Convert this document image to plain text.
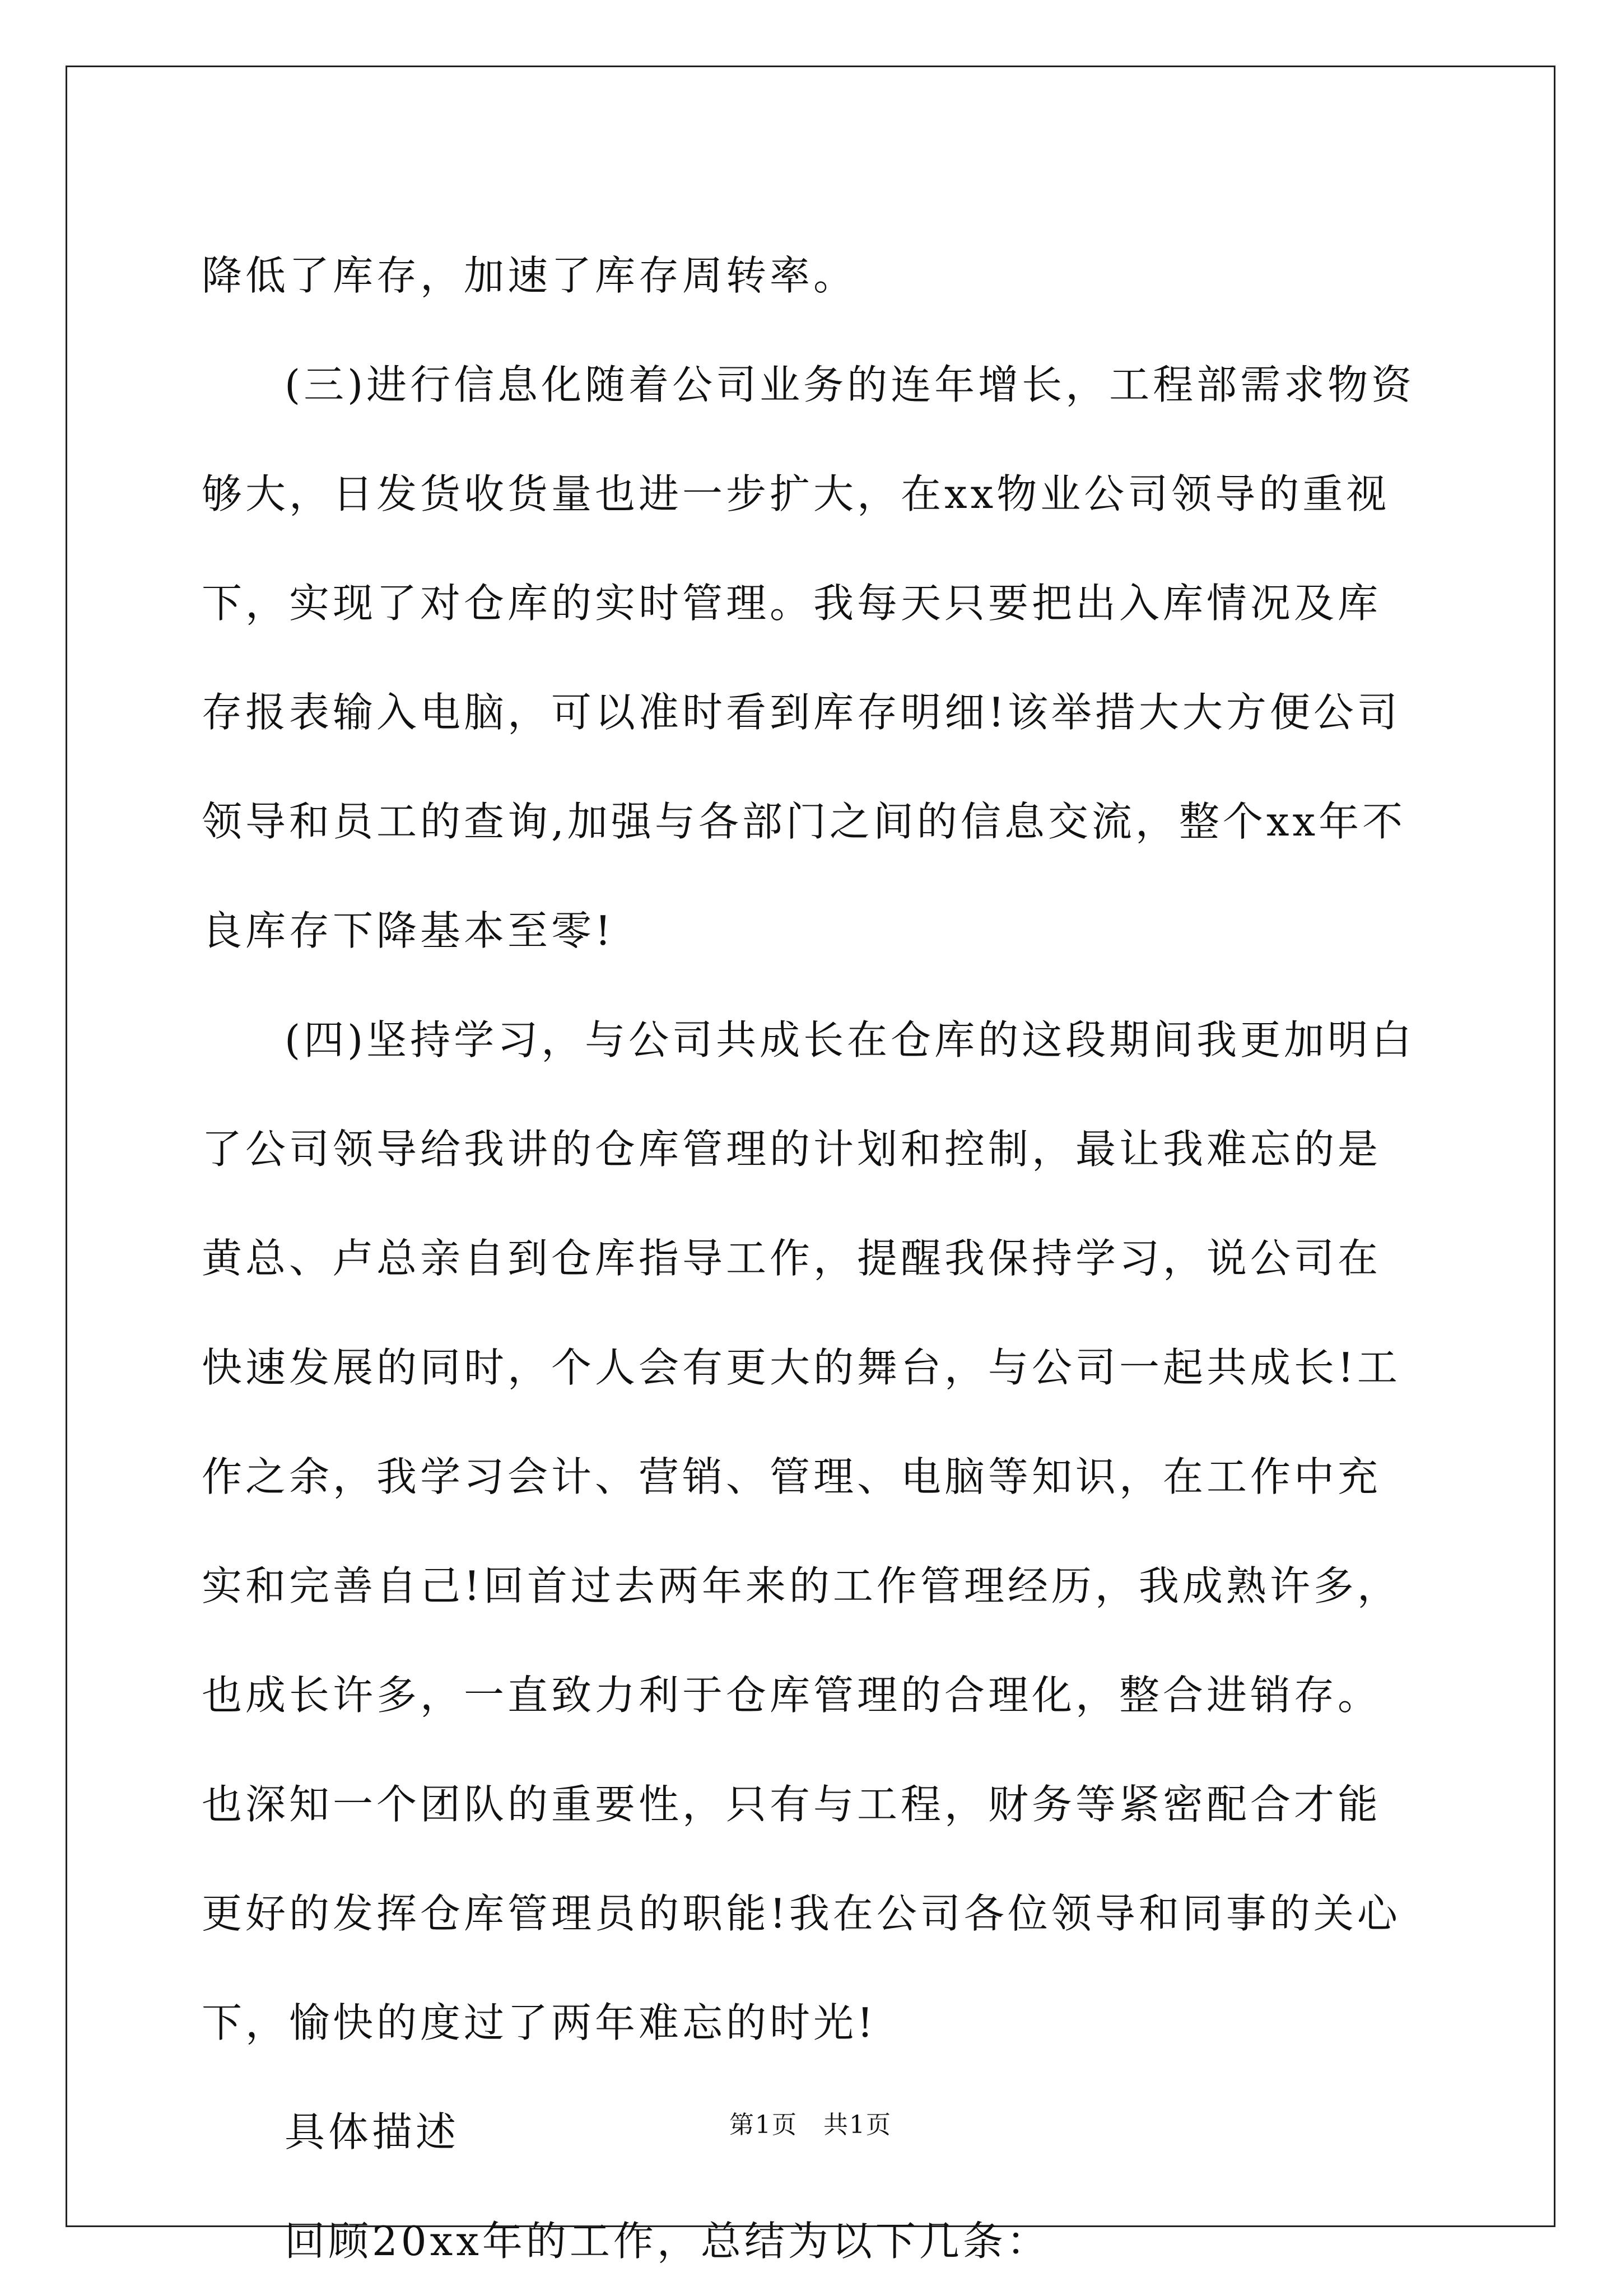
降低了库存，加速了库存周转率。

(三)进行信息化随着公司业务的连年增长，工程部需求物资够大，日发货收货量也进一步扩大，在xx物业公司领导的重视下，实现了对仓库的实时管理。我每天只要把出入库情况及库存报表输入电脑，可以准时看到库存明细!该举措大大方便公司领导和员工的查询,加强与各部门之间的信息交流，整个xx年不良库存下降基本至零!

(四)坚持学习，与公司共成长在仓库的这段期间我更加明白了公司领导给我讲的仓库管理的计划和控制，最让我难忘的是黄总、卢总亲自到仓库指导工作，提醒我保持学习，说公司在快速发展的同时，个人会有更大的舞台，与公司一起共成长!工作之余，我学习会计、营销、管理、电脑等知识，在工作中充实和完善自己!回首过去两年来的工作管理经历，我成熟许多，也成长许多，一直致力利于仓库管理的合理化，整合进销存。也深知一个团队的重要性，只有与工程，财务等紧密配合才能更好的发挥仓库管理员的职能!我在公司各位领导和同事的关心下，愉快的度过了两年难忘的时光!

具体描述

回顾20xx年的工作，总结为以下几条：

第1页　共1页
